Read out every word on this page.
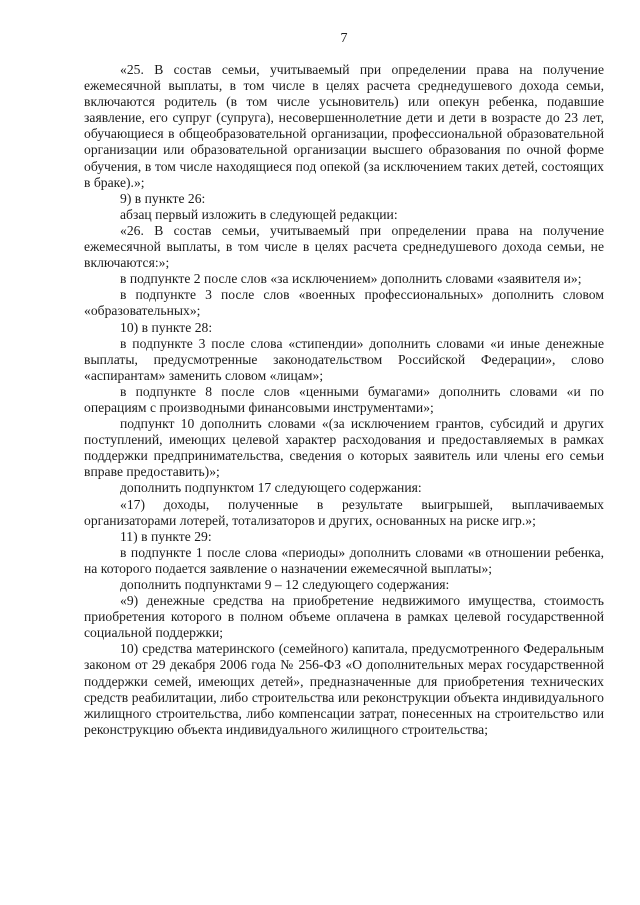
7

«25. В состав семьи, учитываемый при определении права на получение ежемесячной выплаты, в том числе в целях расчета среднедушевого дохода семьи, включаются родитель (в том числе усыновитель) или опекун ребенка, подавшие заявление, его супруг (супруга), несовершеннолетние дети и дети в возрасте до 23 лет, обучающиеся в общеобразовательной организации, профессиональной образовательной организации или образовательной организации высшего образования по очной форме обучения, в том числе находящиеся под опекой (за исключением таких детей, состоящих в браке).»;

9) в пункте 26:

абзац первый изложить в следующей редакции:

«26. В состав семьи, учитываемый при определении права на получение ежемесячной выплаты, в том числе в целях расчета среднедушевого дохода семьи, не включаются:»;

в подпункте 2 после слов «за исключением» дополнить словами «заявителя и»;

в подпункте 3 после слов «военных профессиональных» дополнить словом «образовательных»;

10) в пункте 28:

в подпункте 3 после слова «стипендии» дополнить словами «и иные денежные выплаты, предусмотренные законодательством Российской Федерации», слово «аспирантам» заменить словом «лицам»;

в подпункте 8 после слов «ценными бумагами» дополнить словами «и по операциям с производными финансовыми инструментами»;

подпункт 10 дополнить словами «(за исключением грантов, субсидий и других поступлений, имеющих целевой характер расходования и предоставляемых в рамках поддержки предпринимательства, сведения о которых заявитель или члены его семьи вправе предоставить)»;

дополнить подпунктом 17 следующего содержания:

«17) доходы, полученные в результате выигрышей, выплачиваемых организаторами лотерей, тотализаторов и других, основанных на риске игр.»;

11) в пункте 29:

в подпункте 1 после слова «периоды» дополнить словами «в отношении ребенка, на которого подается заявление о назначении ежемесячной выплаты»;

дополнить подпунктами 9 – 12 следующего содержания:

«9) денежные средства на приобретение недвижимого имущества, стоимость приобретения которого в полном объеме оплачена в рамках целевой государственной социальной поддержки;

10) средства материнского (семейного) капитала, предусмотренного Федеральным законом от 29 декабря 2006 года № 256-ФЗ «О дополнительных мерах государственной поддержки семей, имеющих детей», предназначенные для приобретения технических средств реабилитации, либо строительства или реконструкции объекта индивидуального жилищного строительства, либо компенсации затрат, понесенных на строительство или реконструкцию объекта индивидуального жилищного строительства;
